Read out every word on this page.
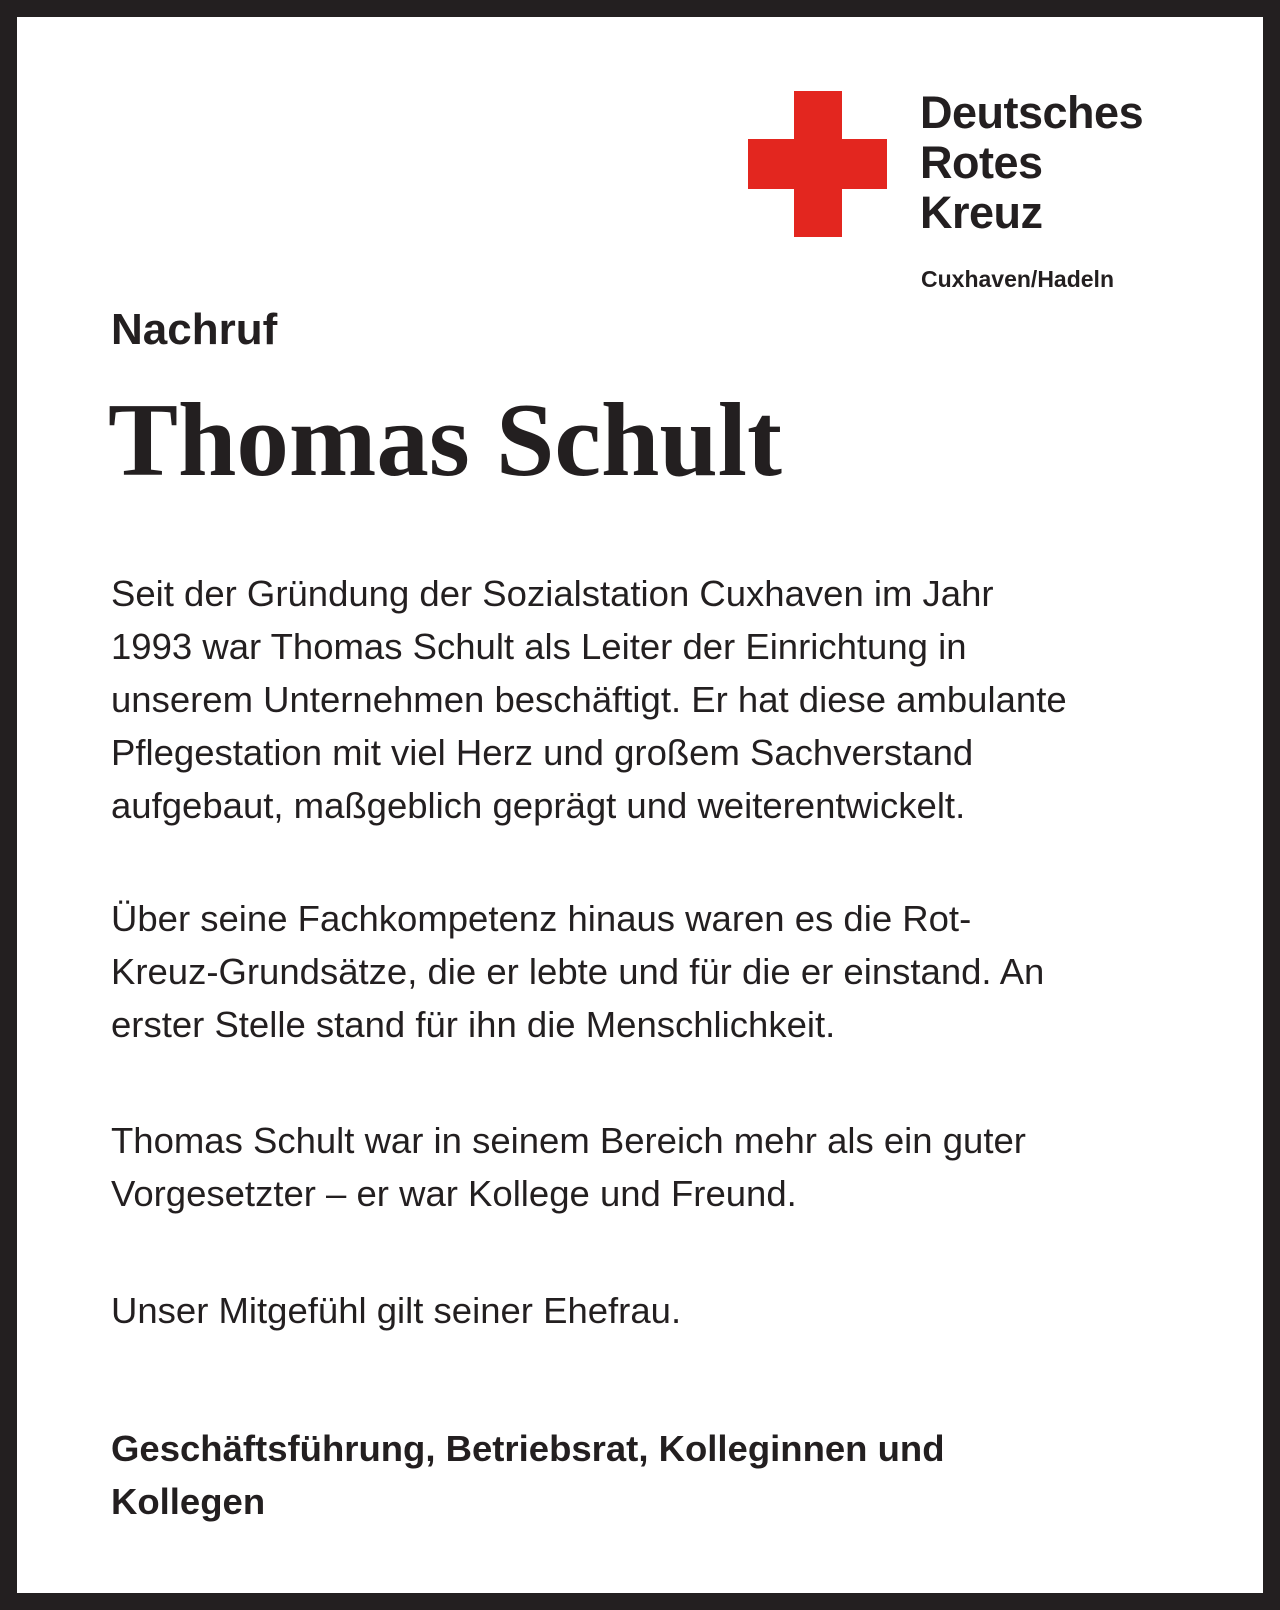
Deutsches
Rotes
Kreuz
Cuxhaven/Hadeln
Nachruf
Thomas Schult

Seit der Gründung der Sozialstation Cuxhaven im Jahr
1993 war Thomas Schult als Leiter der Einrichtung in
unserem Unternehmen beschäftigt. Er hat diese ambulante
Pflegestation mit viel Herz und großem Sachverstand
aufgebaut, maßgeblich geprägt und weiterentwickelt.

Über seine Fachkompetenz hinaus waren es die Rot-
Kreuz-Grundsätze, die er lebte und für die er einstand. An
erster Stelle stand für ihn die Menschlichkeit.

Thomas Schult war in seinem Bereich mehr als ein guter
Vorgesetzter – er war Kollege und Freund.

Unser Mitgefühl gilt seiner Ehefrau.

Geschäftsführung, Betriebsrat, Kolleginnen und
Kollegen
